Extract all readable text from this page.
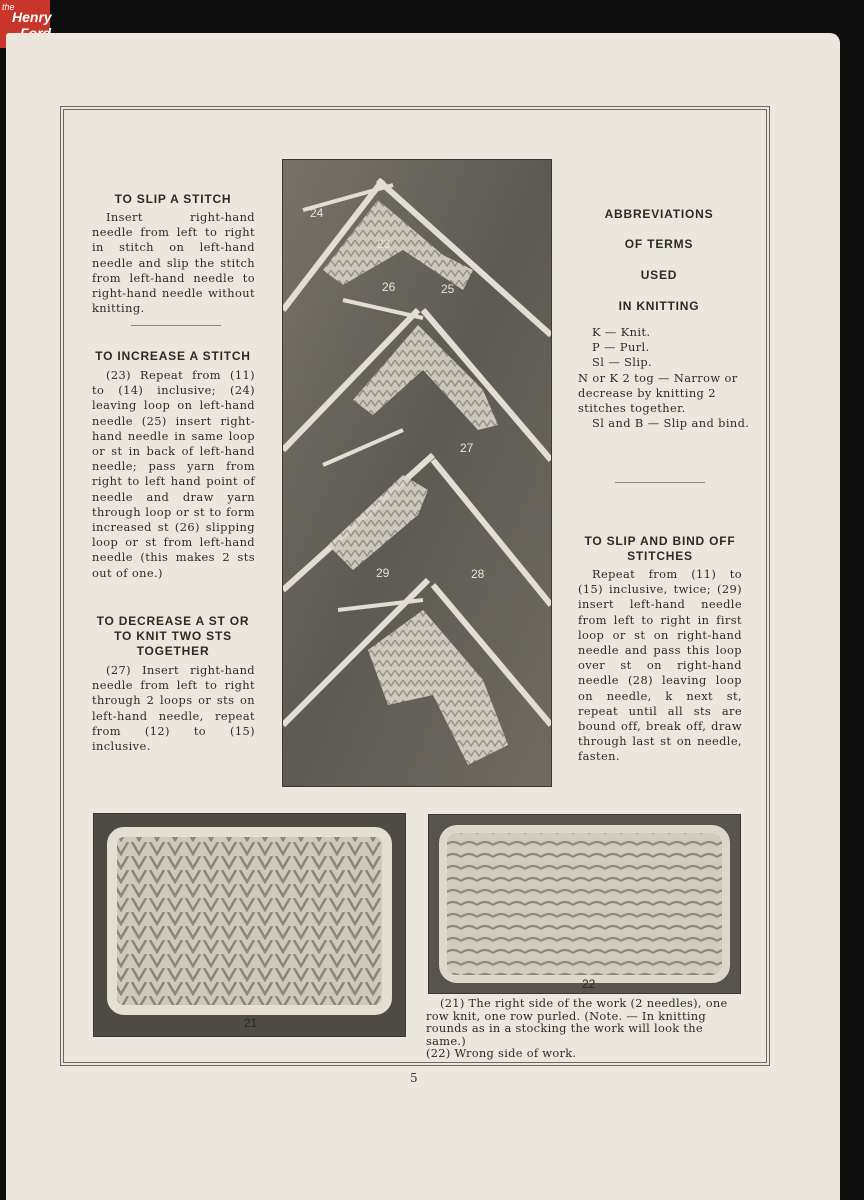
the
Henry
TO SLIP A STITCH
Insert right-hand needle from left to right in stitch on left-hand needle and slip the stitch from left-hand needle to right-hand needle without knitting.
TO INCREASE A STITCH
(23) Repeat from (11) to (14) inclusive; (24) leaving loop on left-hand needle (25) insert right-hand needle in same loop or st in back of left-hand needle; pass yarn from right to left hand point of needle and draw yarn through loop or st to form increased st (26) slipping loop or st from left-hand needle (this makes 2 sts out of one.)
TO DECREASE A ST OR
TO KNIT TWO STS
TOGETHER
(27) Insert right-hand needle from left to right through 2 loops or sts on left-hand needle, repeat from (12) to (15) inclusive.
24
23
26	25
27
29	28
ABBREVIATIONS
OF TERMS
USED
IN KNITTING
K — Knit.
P — Purl.
Sl — Slip.
N or K 2 tog — Narrow or
decrease by knitting 2
stitches together.
Sl and B — Slip and bind.
TO SLIP AND BIND OFF
STITCHES
Repeat from (11) to (15) inclusive, twice; (29) insert left-hand needle from left to right in first loop or st on right-hand needle and pass this loop over st on right-hand needle (28) leaving loop on needle, k next st, repeat until all sts are bound off, break off, draw through last st on needle, fasten.
21
22
(21) The right side of the work (2 needles), one
row knit, one row purled. (Note. — In knitting
rounds as in a stocking the work will look the same.)
(22) Wrong side of work.
5
